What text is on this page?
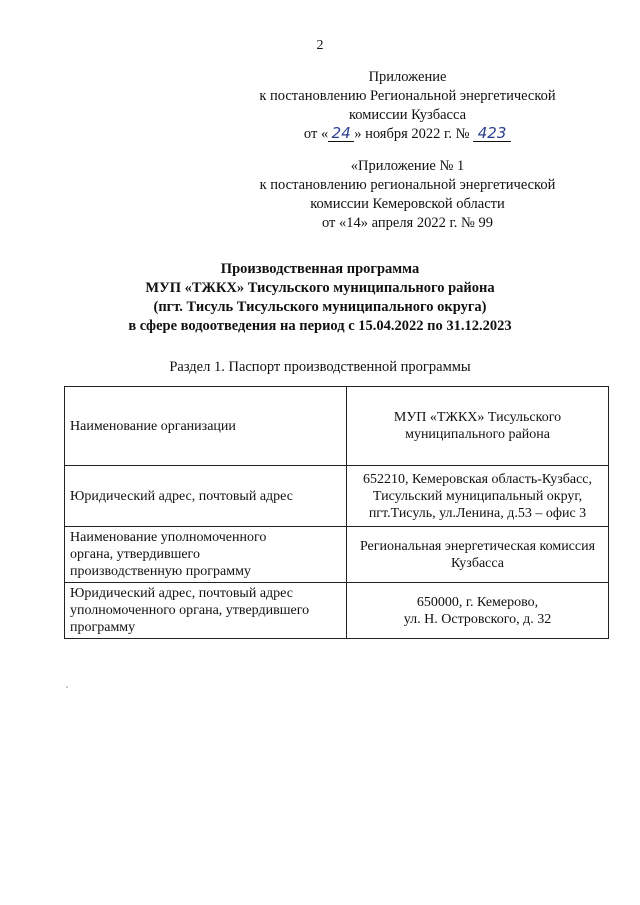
2
Приложение
к постановлению Региональной энергетической
комиссии Кузбасса
от « 24 » ноября 2022 г. № 423
«Приложение № 1
к постановлению региональной энергетической
комиссии Кемеровской области
от «14» апреля 2022 г. № 99
Производственная программа
МУП «ТЖКХ» Тисульского муниципального района
(пгт. Тисуль Тисульского муниципального округа)
в сфере водоотведения на период с 15.04.2022 по 31.12.2023
Раздел 1. Паспорт производственной программы
Наименование организации	МУП «ТЖКХ» Тисульского
муниципального района
Юридический адрес, почтовый адрес	652210, Кемеровская область-Кузбасс,
Тисульский муниципальный округ,
пгт.Тисуль, ул.Ленина, д.53 – офис 3
Наименование уполномоченного
органа, утвердившего
производственную программу	Региональная энергетическая комиссия
Кузбасса
Юридический адрес, почтовый адрес
уполномоченного органа, утвердившего
программу	650000, г. Кемерово,
ул. Н. Островского, д. 32
